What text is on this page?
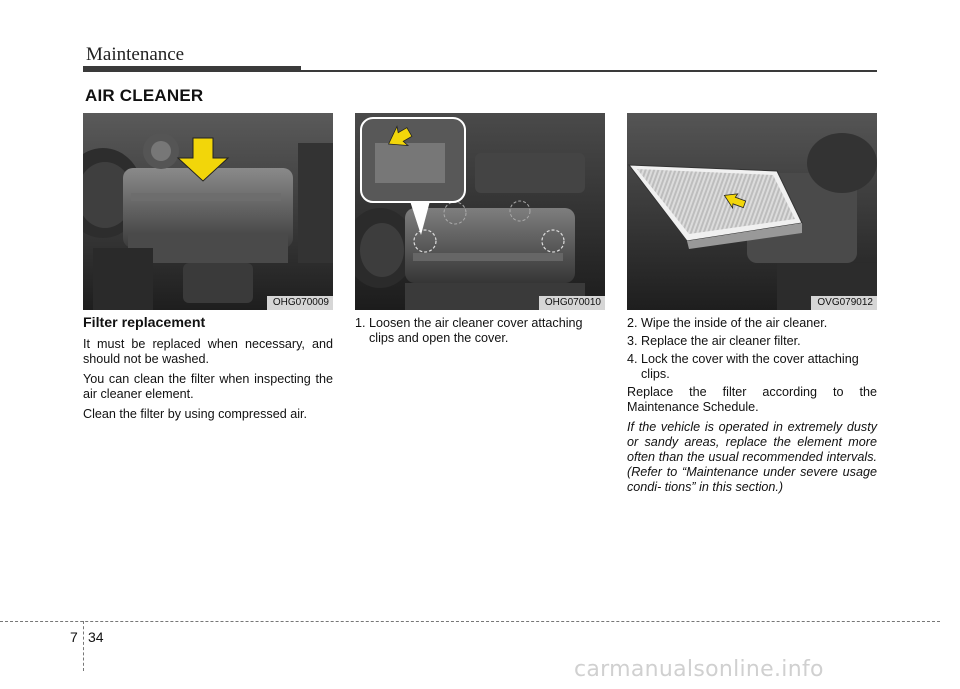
Maintenance
AIR CLEANER
OHG070009	OHG070010	OVG079012

Filter replacement

It must be replaced when necessary, and should not be washed.

You can clean the filter when inspecting the air cleaner element.

Clean the filter by using compressed air.

1. Loosen the air cleaner cover attaching clips and open the cover.

2. Wipe the inside of the air cleaner.

3. Replace the air cleaner filter.

4. Lock the cover with the cover attaching clips.

Replace the filter according to the Maintenance Schedule.

If the vehicle is operated in extremely dusty or sandy areas, replace the element more often than the usual recommended intervals. (Refer to “Maintenance under severe usage condi- tions” in this section.)

7 34
carmanualsonline.info
